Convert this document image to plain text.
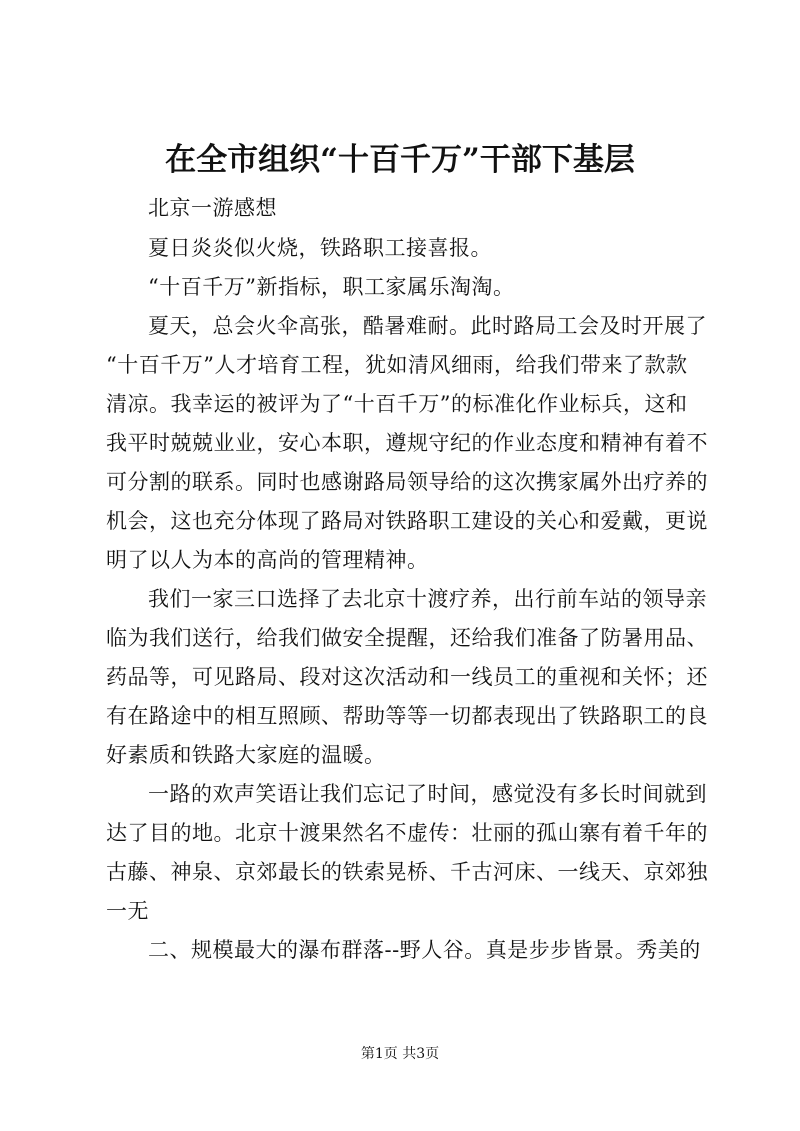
在全市组织“十百千万”干部下基层
北京一游感想
夏日炎炎似火烧，铁路职工接喜报。
“十百千万”新指标，职工家属乐淘淘。
夏天，总会火伞高张，酷暑难耐。此时路局工会及时开展了
“十百千万”人才培育工程，犹如清风细雨，给我们带来了款款
清凉。我幸运的被评为了“十百千万”的标准化作业标兵，这和
我平时兢兢业业，安心本职，遵规守纪的作业态度和精神有着不
可分割的联系。同时也感谢路局领导给的这次携家属外出疗养的
机会，这也充分体现了路局对铁路职工建设的关心和爱戴，更说
明了以人为本的高尚的管理精神。
我们一家三口选择了去北京十渡疗养，出行前车站的领导亲
临为我们送行，给我们做安全提醒，还给我们准备了防暑用品、
药品等，可见路局、段对这次活动和一线员工的重视和关怀；还
有在路途中的相互照顾、帮助等等一切都表现出了铁路职工的良
好素质和铁路大家庭的温暖。
一路的欢声笑语让我们忘记了时间，感觉没有多长时间就到
达了目的地。北京十渡果然名不虚传：壮丽的孤山寨有着千年的
古藤、神泉、京郊最长的铁索晃桥、千古河床、一线天、京郊独
一无
二、规模最大的瀑布群落--野人谷。真是步步皆景。秀美的
第1页 共3页
